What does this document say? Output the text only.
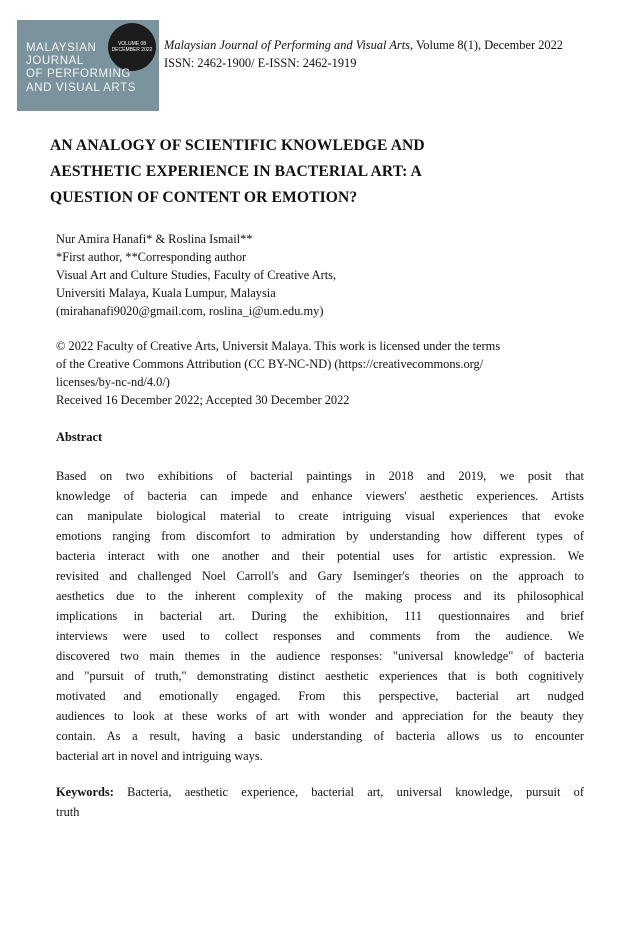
VOLUME 08
DECEMBER 2022
MALAYSIAN
JOURNAL
OF PERFORMING
AND VISUAL ARTS
Malaysian Journal of Performing and Visual Arts, Volume 8(1), December 2022
ISSN: 2462-1900/ E-ISSN: 2462-1919
AN ANALOGY OF SCIENTIFIC KNOWLEDGE AND
AESTHETIC EXPERIENCE IN BACTERIAL ART: A
QUESTION OF CONTENT OR EMOTION?
Nur Amira Hanafi* & Roslina Ismail**
*First author, **Corresponding author
Visual Art and Culture Studies, Faculty of Creative Arts,
Universiti Malaya, Kuala Lumpur, Malaysia
(mirahanafi9020@gmail.com, roslina_i@um.edu.my)
© 2022 Faculty of Creative Arts, Universit Malaya. This work is licensed under the terms
of the Creative Commons Attribution (CC BY-NC-ND) (https://creativecommons.org/
licenses/by-nc-nd/4.0/)
Received 16 December 2022; Accepted 30 December 2022
Abstract
Based on two exhibitions of bacterial paintings in 2018 and 2019, we posit that
knowledge of bacteria can impede and enhance viewers' aesthetic experiences. Artists
can manipulate biological material to create intriguing visual experiences that evoke
emotions ranging from discomfort to admiration by understanding how different types of
bacteria interact with one another and their potential uses for artistic expression. We
revisited and challenged Noel Carroll's and Gary Iseminger's theories on the approach to
aesthetics due to the inherent complexity of the making process and its philosophical
implications in bacterial art. During the exhibition, 111 questionnaires and brief
interviews were used to collect responses and comments from the audience. We
discovered two main themes in the audience responses: "universal knowledge" of bacteria
and "pursuit of truth," demonstrating distinct aesthetic experiences that is both cognitively
motivated and emotionally engaged. From this perspective, bacterial art nudged
audiences to look at these works of art with wonder and appreciation for the beauty they
contain. As a result, having a basic understanding of bacteria allows us to encounter
bacterial art in novel and intriguing ways.
Keywords: Bacteria, aesthetic experience, bacterial art, universal knowledge, pursuit of
truth
